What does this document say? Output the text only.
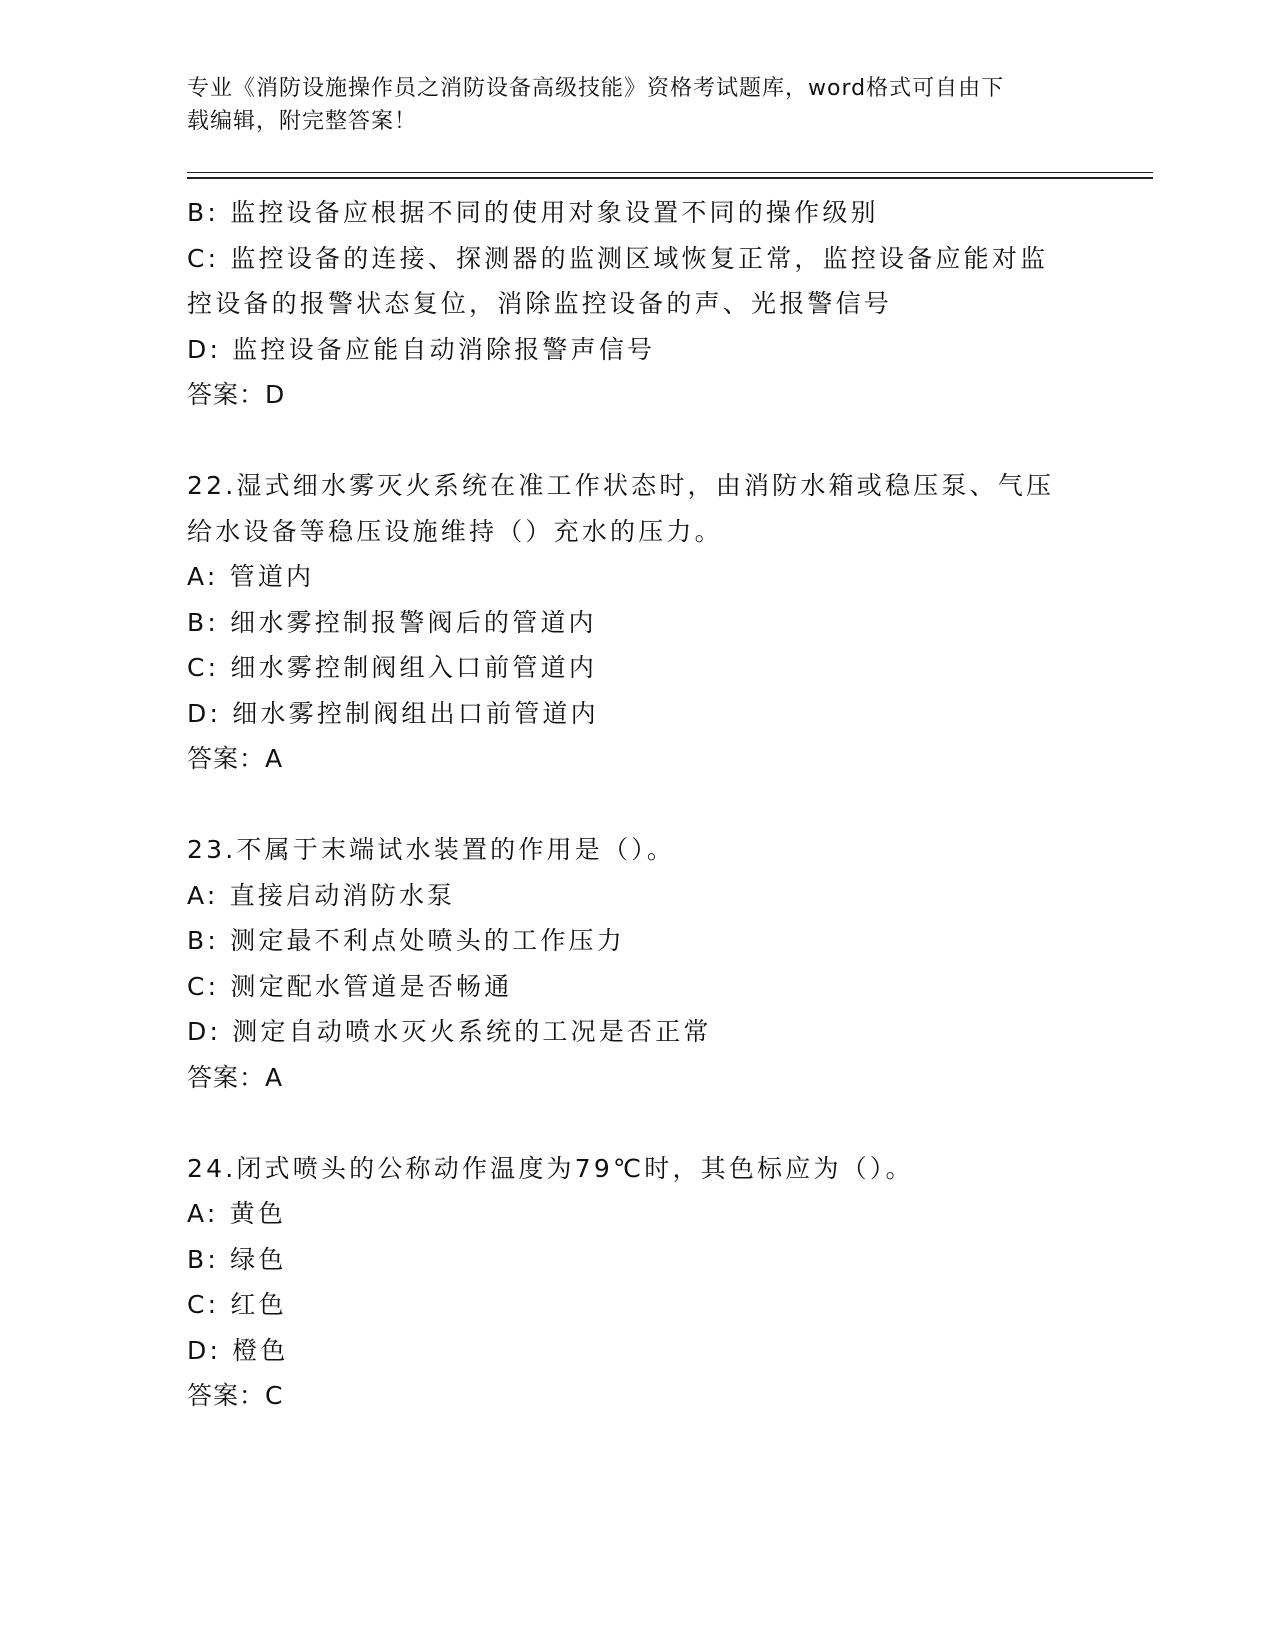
专业《消防设施操作员之消防设备高级技能》资格考试题库，word格式可自由下
载编辑，附完整答案！
B: 监控设备应根据不同的使用对象设置不同的操作级别
C: 监控设备的连接、探测器的监测区域恢复正常，监控设备应能对监
控设备的报警状态复位，消除监控设备的声、光报警信号
D: 监控设备应能自动消除报警声信号
答案：D
22.湿式细水雾灭火系统在准工作状态时，由消防水箱或稳压泵、气压
给水设备等稳压设施维持（）充水的压力。
A: 管道内
B: 细水雾控制报警阀后的管道内
C: 细水雾控制阀组入口前管道内
D: 细水雾控制阀组出口前管道内
答案：A
23.不属于末端试水装置的作用是（）。
A: 直接启动消防水泵
B: 测定最不利点处喷头的工作压力
C: 测定配水管道是否畅通
D: 测定自动喷水灭火系统的工况是否正常
答案：A
24.闭式喷头的公称动作温度为79℃时，其色标应为（）。
A: 黄色
B: 绿色
C: 红色
D: 橙色
答案：C
